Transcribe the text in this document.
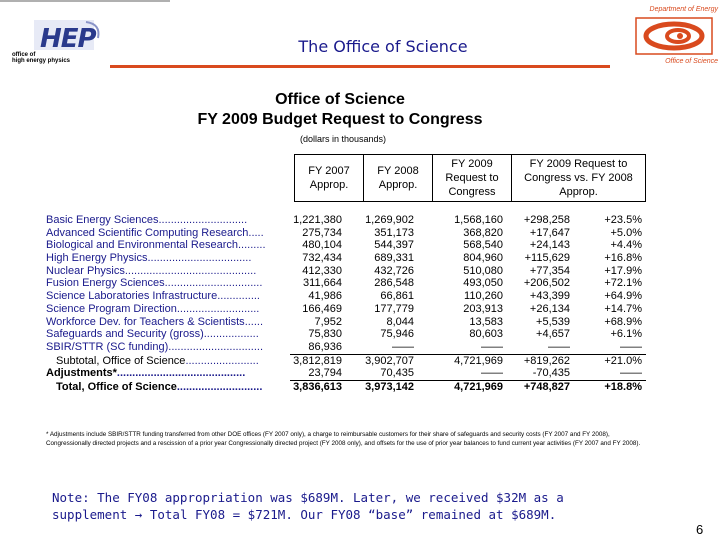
HEP
office of
high energy physics
The Office of Science
Department of Energy
Office of Science
Office of Science
FY 2009 Budget Request to Congress
(dollars in thousands)
FY 2007
Approp.
FY 2008
Approp.
FY 2009
Request to
Congress
FY 2009 Request to
Congress vs. FY 2008
Approp.
Basic Energy Sciences.............................	1,221,380 1,269,902	1,568,160	+298,258	+23.5%
Advanced Scientific Computing Research.....	275,734	351,173	368,820	+17,647	+5.0%
Biological and Environmental Research.........	480,104	544,397	568,540	+24,143	+4.4%
High Energy Physics..................................	732,434	689,331	804,960	+115,629	+16.8%
Nuclear Physics...........................................	412,330	432,726	510,080	+77,354	+17.9%
Fusion Energy Sciences................................	311,664	286,548	493,050	+206,502	+72.1%
Science Laboratories Infrastructure..............	41,986	66,861	110,260	+43,399	+64.9%
Science Program Direction...........................	166,469	177,779	203,913	+26,134	+14.7%
Workforce Dev. for Teachers & Scientists......	7,952	8,044	13,583	+5,539	+68.9%
Safeguards and Security (gross)..................	75,830	75,946	80,603	+4,657	+6.1%
SBIR/STTR (SC funding)...............................	86,936	——	——	——	——
Subtotal, Office of Science........................	3,812,819 3,902,707	4,721,969	+819,262	+21.0%
Adjustments*..........................................	23,794	70,435	——	-70,435	——
Total, Office of Science............................	3,836,613 3,973,142	4,721,969	+748,827	+18.8%
* Adjustments include SBIR/STTR funding transferred from other DOE offices (FY 2007 only), a charge to reimbursable customers for their share of safeguards and security costs (FY 2007 and FY 2008), Congressionally directed projects and a rescission of a prior year Congressionally directed project (FY 2008 only), and offsets for the use of prior year balances to fund current year activities (FY 2007 and FY 2008).
Note: The FY08 appropriation was $689M. Later, we received $32M as a
supplement → Total FY08 = $721M. Our FY08 “base” remained at $689M.
6
